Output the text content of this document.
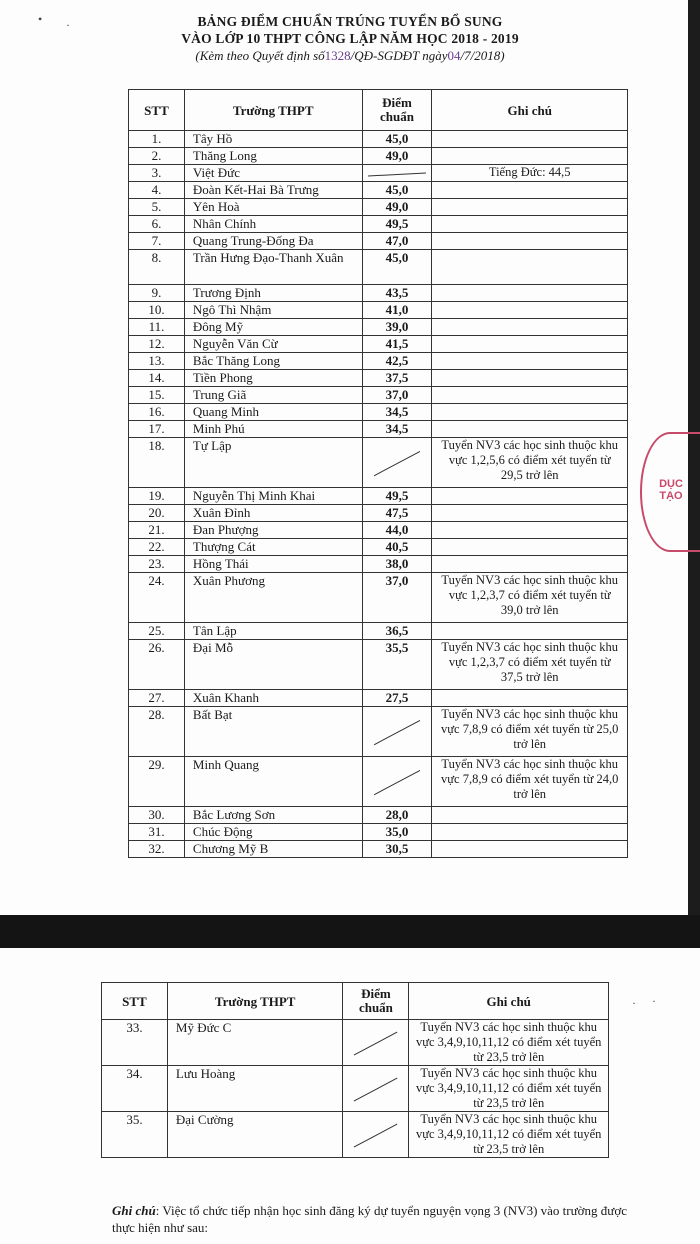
• ·	BẢNG ĐIỂM CHUẨN TRÚNG TUYỂN BỔ SUNG
VÀO LỚP 10 THPT CÔNG LẬP NĂM HỌC 2018 - 2019
(Kèm theo Quyết định số1328/QĐ-SGDĐT ngày04/7/2018)
STT	Trường THPT	Điểm chuẩn	Ghi chú
1.	Tây Hồ	45,0	
2.	Thăng Long	49,0	
3.	Việt Đức		Tiếng Đức: 44,5
4.	Đoàn Kết-Hai Bà Trưng	45,0	
5.	Yên Hoà	49,0	
6.	Nhân Chính	49,5	
7.	Quang Trung-Đống Đa	47,0	
8.	Trần Hưng Đạo-Thanh Xuân	45,0	
9.	Trương Định	43,5	
10.	Ngô Thì Nhậm	41,0	
11.	Đông Mỹ	39,0	
12.	Nguyễn Văn Cừ	41,5	
13.	Bắc Thăng Long	42,5	
14.	Tiền Phong	37,5	
15.	Trung Giã	37,0	
16.	Quang Minh	34,5	
17.	Minh Phú	34,5	
18.	Tự Lập		Tuyển NV3 các học sinh thuộc khu vực 1,2,5,6 có điểm xét tuyển từ 29,5 trở lên
19.	Nguyễn Thị Minh Khai	49,5	
20.	Xuân Đỉnh	47,5	
21.	Đan Phượng	44,0	
22.	Thượng Cát	40,5	
23.	Hồng Thái	38,0	
24.	Xuân Phương	37,0	Tuyển NV3 các học sinh thuộc khu vực 1,2,3,7 có điểm xét tuyển từ 39,0 trở lên
25.	Tân Lập	36,5	
26.	Đại Mỗ	35,5	Tuyển NV3 các học sinh thuộc khu vực 1,2,3,7 có điểm xét tuyển từ 37,5 trở lên
27.	Xuân Khanh	27,5	
28.	Bất Bạt		Tuyển NV3 các học sinh thuộc khu vực 7,8,9 có điểm xét tuyển từ 25,0 trở lên
29.	Minh Quang		Tuyển NV3 các học sinh thuộc khu vực 7,8,9 có điểm xét tuyển từ 24,0 trở lên
30.	Bắc Lương Sơn	28,0	
31.	Chúc Động	35,0	
32.	Chương Mỹ B	30,5	
DỤC
TẠO
· ·
STT	Trường THPT	Điểm chuẩn	Ghi chú
33.	Mỹ Đức C		Tuyển NV3 các học sinh thuộc khu vực 3,4,9,10,11,12 có điểm xét tuyển từ 23,5 trở lên
34.	Lưu Hoàng		Tuyển NV3 các học sinh thuộc khu vực 3,4,9,10,11,12 có điểm xét tuyển từ 23,5 trở lên
35.	Đại Cường		Tuyển NV3 các học sinh thuộc khu vực 3,4,9,10,11,12 có điểm xét tuyển từ 23,5 trở lên
Ghi chú: Việc tổ chức tiếp nhận học sinh đăng ký dự tuyển nguyện vọng 3 (NV3) vào trường được thực hiện như sau:
